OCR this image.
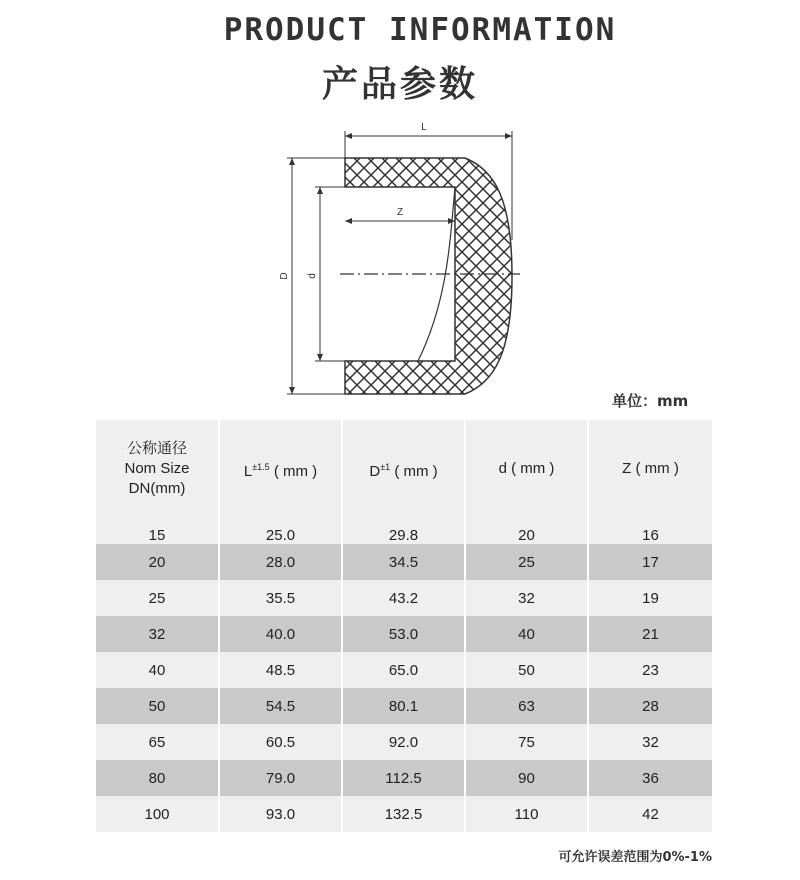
PRODUCT INFORMATION
产品参数
L
Z
D d
单位：mm
公称通径
Nom Size
DN(mm)	$L^{\pm 1.5}$ ( mm )	$D^{\pm 1}$ ( mm )	d ( mm )	Z ( mm )
15	25.0	29.8	20	16
20	28.0	34.5	25	17
25	35.5	43.2	32	19
32	40.0	53.0	40	21
40	48.5	65.0	50	23
50	54.5	80.1	63	28
65	60.5	92.0	75	32
80	79.0	112.5	90	36
100	93.0	132.5	110	42
可允许误差范围为0%-1%
